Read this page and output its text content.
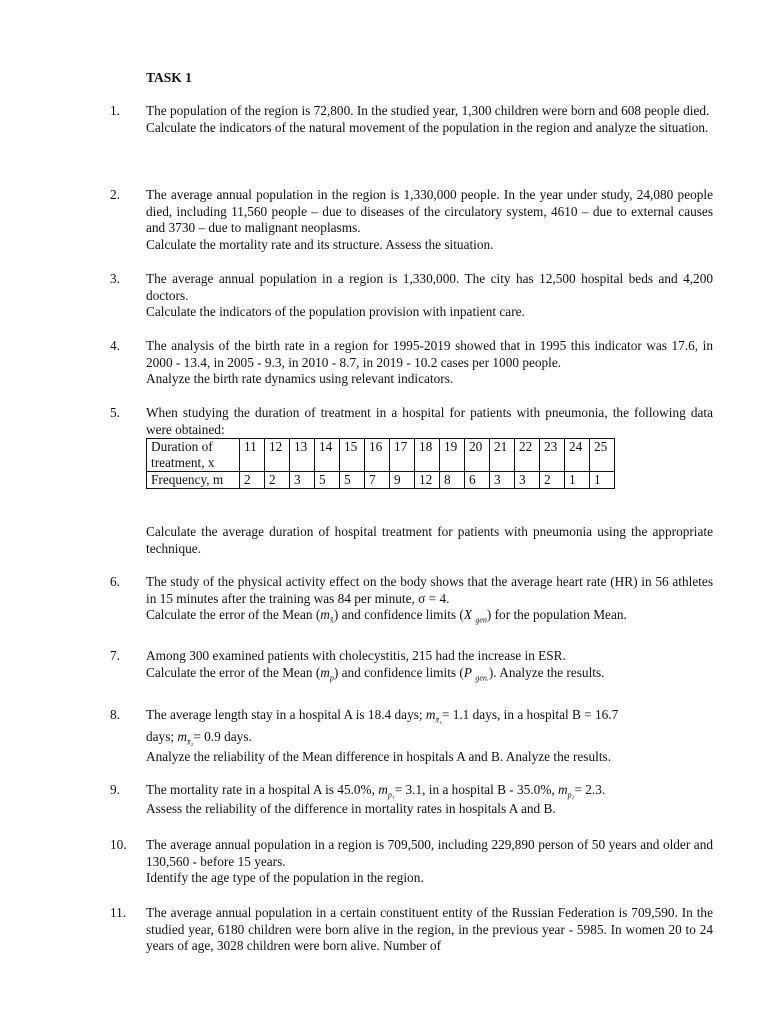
TASK 1
1. The population of the region is 72,800. In the studied year, 1,300 children were born and 608 people died.

Calculate the indicators of the natural movement of the population in the region and analyze the situation.

2. The average annual population in the region is 1,330,000 people. In the year under study, 24,080 people died, including 11,560 people – due to diseases of the circulatory system, 4610 – due to external causes and 3730 – due to malignant neoplasms.

Calculate the mortality rate and its structure. Assess the situation.

3. The average annual population in a region is 1,330,000. The city has 12,500 hospital beds and 4,200 doctors.

Calculate the indicators of the population provision with inpatient care.

4. The analysis of the birth rate in a region for 1995-2019 showed that in 1995 this indicator was 17.6, in 2000 - 13.4, in 2005 - 9.3, in 2010 - 8.7, in 2019 - 10.2 cases per 1000 people.

Analyze the birth rate dynamics using relevant indicators.

5. When studying the duration of treatment in a hospital for patients with pneumonia, the following data were obtained:

Duration of treatment, x	11	12	13	14	15	16	17	18	19	20	21	22	23	24	25
Frequency, m	2	2	3	5	5	7	9	12	8	6	3	3	2	1	1

Calculate the average duration of hospital treatment for patients with pneumonia using the appropriate technique.

6. The study of the physical activity effect on the body shows that the average heart rate (HR) in 56 athletes in 15 minutes after the training was 84 per minute, σ = 4.

Calculate the error of the Mean $(m_{x̄})$ and confidence limits (X $_{gen}$) for the population Mean.

7. Among 300 examined patients with cholecystitis, 215 had the increase in ESR.

Calculate the error of the Mean $(m_p)$ and confidence limits (P $_{gen.}$). Analyze the results.

8. The average length stay in a hospital A is 18.4 days; $m_{x̄_1}= 1.1$ days, in a hospital B = 16.7

days; $m_{x̄_2}= 0.9$ days.

Analyze the reliability of the Mean difference in hospitals A and B. Analyze the results.

9. The mortality rate in a hospital A is 45.0%, $m_{p_1}= 3.1$, in a hospital B - 35.0%, $m_{p_2}= 2.3$.

Assess the reliability of the difference in mortality rates in hospitals A and B.

10. The average annual population in a region is 709,500, including 229,890 person of 50 years and older and 130,560 - before 15 years.

Identify the age type of the population in the region.

11. The average annual population in a certain constituent entity of the Russian Federation is 709,590. In the studied year, 6180 children were born alive in the region, in the previous year - 5985. In women 20 to 24 years of age, 3028 children were born alive. Number of
